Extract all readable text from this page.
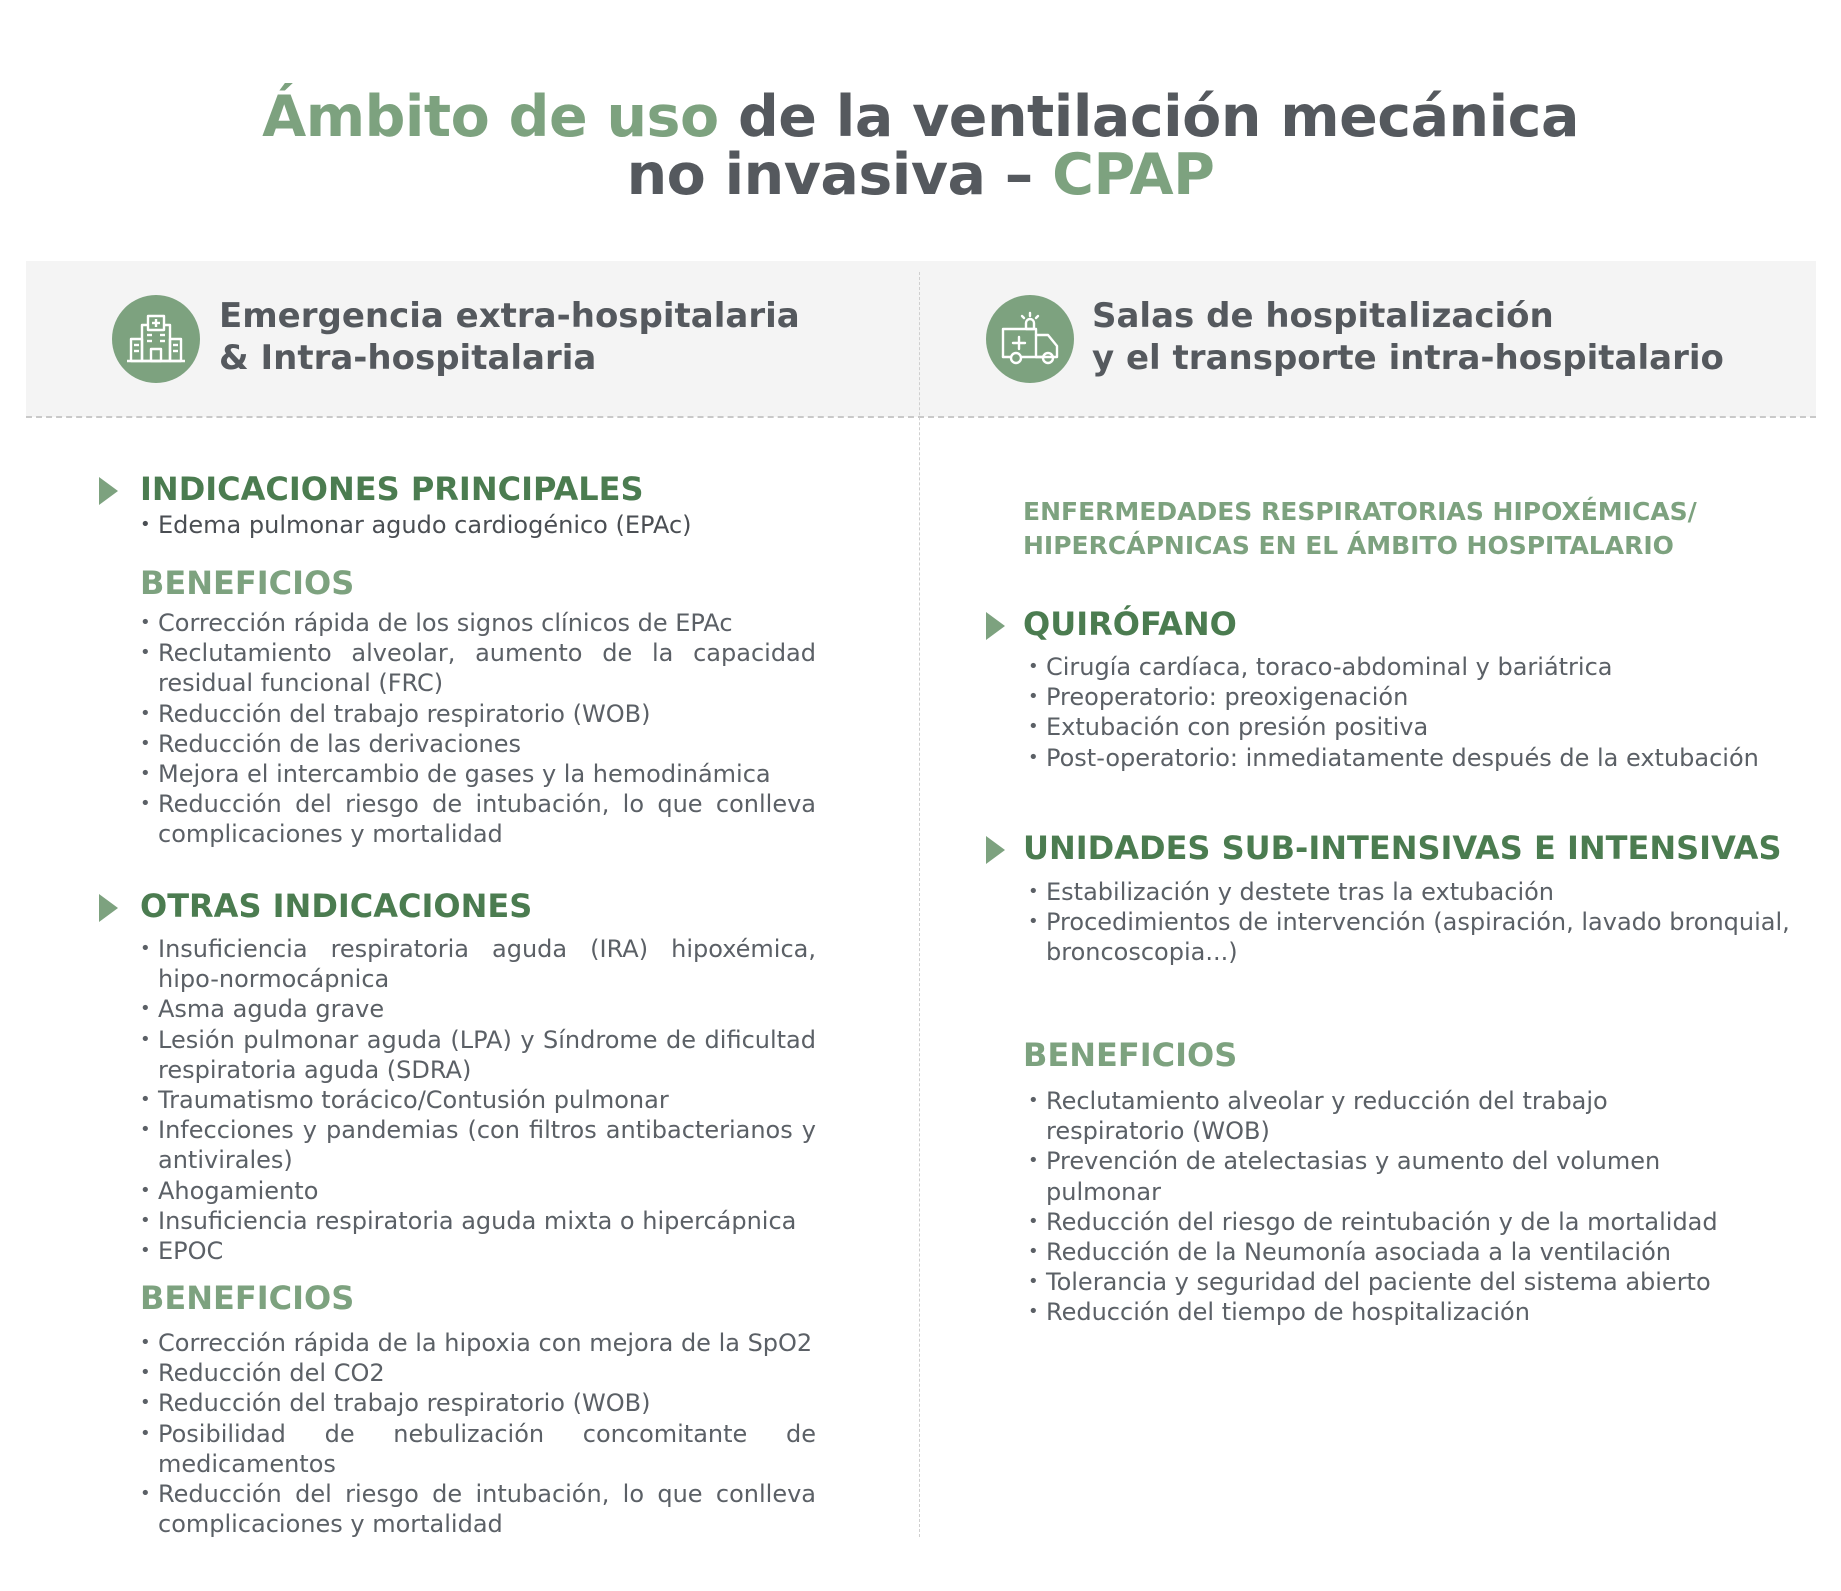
Ámbito de uso de la ventilación mecánica
no invasiva – CPAP
Emergencia extra-hospitalaria
& Intra-hospitalaria
Salas de hospitalización
y el transporte intra-hospitalario
INDICACIONES PRINCIPALES
• Edema pulmonar agudo cardiogénico (EPAc)
BENEFICIOS
• Corrección rápida de los signos clínicos de EPAc
• Reclutamiento alveolar, aumento de la capacidad residual funcional (FRC)
• Reducción del trabajo respiratorio (WOB)
• Reducción de las derivaciones
• Mejora el intercambio de gases y la hemodinámica
• Reducción del riesgo de intubación, lo que conlleva complicaciones y mortalidad
OTRAS INDICACIONES
• Insuficiencia respiratoria aguda (IRA) hipoxémica, hipo-normocápnica
• Asma aguda grave
• Lesión pulmonar aguda (LPA) y Síndrome de dificultad respiratoria aguda (SDRA)
• Traumatismo torácico/Contusión pulmonar
• Infecciones y pandemias (con filtros antibacterianos y antivirales)
• Ahogamiento
• Insuficiencia respiratoria aguda mixta o hipercápnica
• EPOC
BENEFICIOS
• Corrección rápida de la hipoxia con mejora de la SpO2
• Reducción del CO2
• Reducción del trabajo respiratorio (WOB)
• Posibilidad de nebulización concomitante de medicamentos
• Reducción del riesgo de intubación, lo que conlleva complicaciones y mortalidad
ENFERMEDADES RESPIRATORIAS HIPOXÉMICAS/
HIPERCÁPNICAS EN EL ÁMBITO HOSPITALARIO
QUIRÓFANO
• Cirugía cardíaca, toraco-abdominal y bariátrica
• Preoperatorio: preoxigenación
• Extubación con presión positiva
• Post-operatorio: inmediatamente después de la extubación
UNIDADES SUB-INTENSIVAS E INTENSIVAS
• Estabilización y destete tras la extubación
• Procedimientos de intervención (aspiración, lavado bronquial, broncoscopia...)
BENEFICIOS
• Reclutamiento alveolar y reducción del trabajo respiratorio (WOB)
• Prevención de atelectasias y aumento del volumen pulmonar
• Reducción del riesgo de reintubación y de la mortalidad
• Reducción de la Neumonía asociada a la ventilación
• Tolerancia y seguridad del paciente del sistema abierto
• Reducción del tiempo de hospitalización
